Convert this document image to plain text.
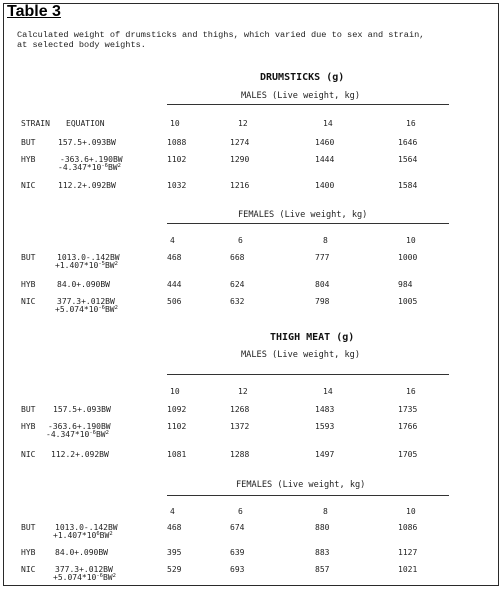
Table 3
Calculated weight of drumsticks and thighs, which varied due to sex and strain,
at selected body weights.
DRUMSTICKS (g)
MALES (Live weight, kg)
STRAIN EQUATION	10	12	14	16
BUT	157.5+.093BW	1088	1274	1460	1646
HYB	-363.6+.190BW
$-4.347*10^{-6}BW^2$
1102	1290	1444	1564
NIC	112.2+.092BW	1032	1216	1400	1584
FEMALES (Live weight, kg)
4	6	8	10
BUT	1013.0-.142BW
$+1.407*10^{-5}BW^2$
468	668	777	1000
HYB	84.0+.090BW	444	624	804	984
NIC	377.3+.012BW
$+5.074*10^{-6}BW^2$
506	632	798	1005
THIGH MEAT (g)
MALES (Live weight, kg)
10	12	14	16
BUT 157.5+.093BW	1092	1268	1483	1735
HYB -363.6+.190BW
$-4.347*10^{-6}BW^2$
1102	1372	1593	1766
NIC 112.2+.092BW	1081	1288	1497	1705
FEMALES (Live weight, kg)
4	6	8	10
BUT 1013.0-.142BW
$+1.407*10^6BW^2$
468	674	880	1086
HYB 84.0+.090BW	395	639	883	1127
NIC 377.3+.012BW
$+5.074*10^{-6}BW^2$
529	693	857	1021
